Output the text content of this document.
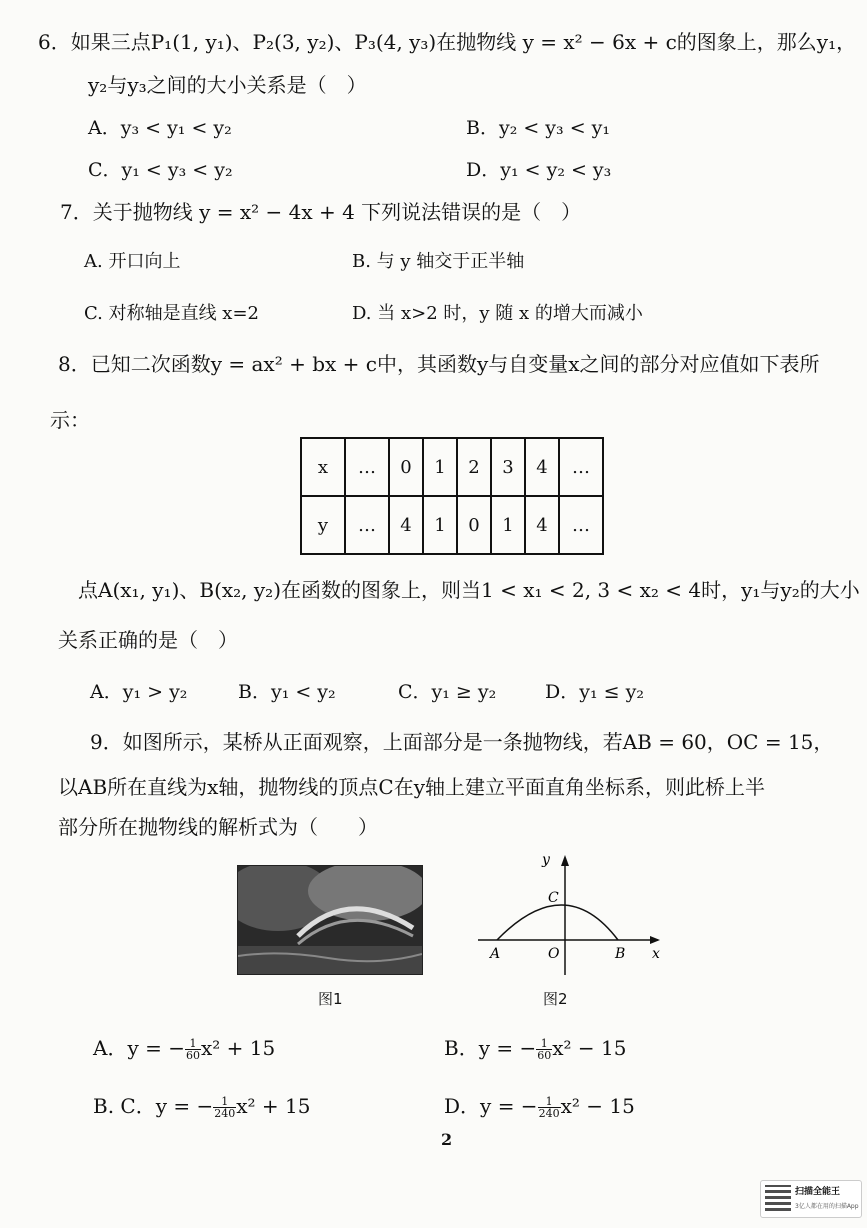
6．如果三点P₁(1, y₁)、P₂(3, y₂)、P₃(4, y₃)在抛物线 y = x² − 6x + c的图象上，那么y₁，
y₂与y₃之间的大小关系是（　）
A．y₃ < y₁ < y₂	B．y₂ < y₃ < y₁
C．y₁ < y₃ < y₂	D．y₁ < y₂ < y₃
7．关于抛物线 y = x² − 4x + 4 下列说法错误的是（　）
A. 开口向上	B. 与 y 轴交于正半轴
C. 对称轴是直线 x=2	D. 当 x>2 时，y 随 x 的增大而减小
8．已知二次函数y = ax² + bx + c中，其函数y与自变量x之间的部分对应值如下表所
示：
x	…	0	1	2	3	4	…
y	…	4	1	0	1	4	…
点A(x₁, y₁)、B(x₂, y₂)在函数的图象上，则当1 < x₁ < 2, 3 < x₂ < 4时，y₁与y₂的大小
关系正确的是（　）
A．y₁ > y₂	B．y₁ < y₂	C．y₁ ≥ y₂	D．y₁ ≤ y₂
9．如图所示，某桥从正面观察，上面部分是一条抛物线，若AB = 60，OC = 15，
以AB所在直线为x轴，抛物线的顶点C在y轴上建立平面直角坐标系，则此桥上半
部分所在抛物线的解析式为（　　）
图1
y
x
C
O
A	B
图2
A．y = − $\frac{1}{60} x^2 + 15$	B．y = − $\frac{1}{60} x^2 - 15$
B. C．y = − $\frac{1}{240} x^2 + 15$	D．y = − $\frac{1}{240} x^2 - 15$
2
扫描全能王
3亿人都在用的扫描App
